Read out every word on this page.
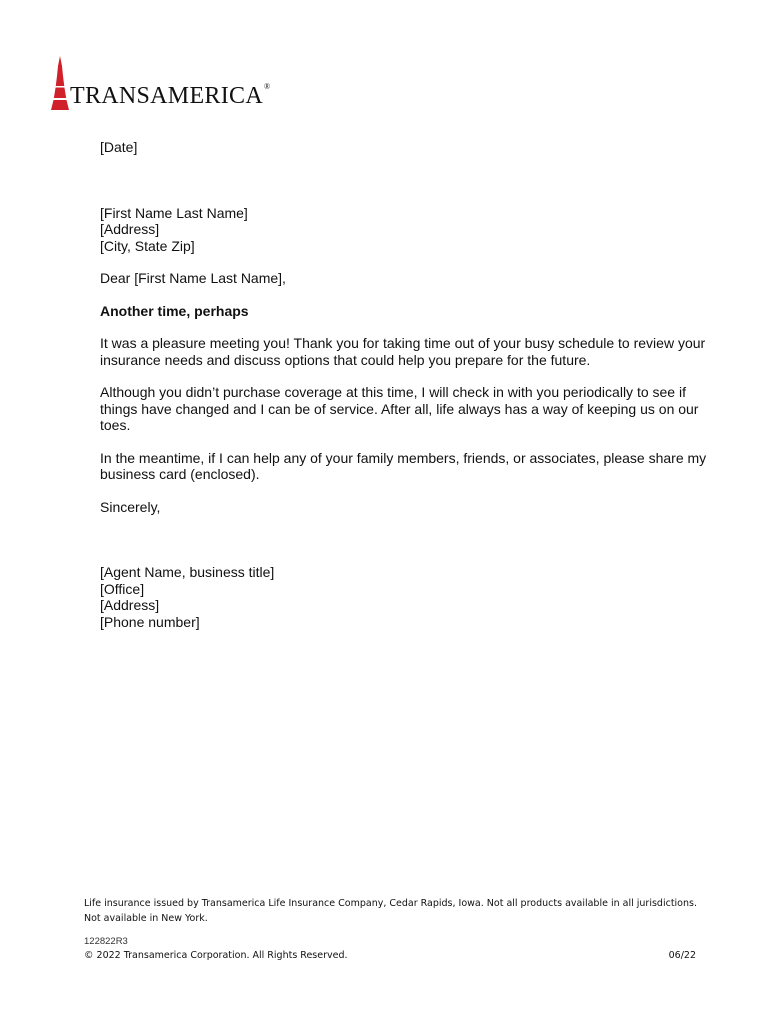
TRANSAMERICA®

[Date]

[First Name Last Name]

[Address]

[City, State Zip]

Dear [First Name Last Name],

Another time, perhaps

It was a pleasure meeting you! Thank you for taking time out of your busy schedule to review your insurance needs and discuss options that could help you prepare for the future.

Although you didn’t purchase coverage at this time, I will check in with you periodically to see if things have changed and I can be of service. After all, life always has a way of keeping us on our toes.

In the meantime, if I can help any of your family members, friends, or associates, please share my business card (enclosed).

Sincerely,

[Agent Name, business title]

[Office]

[Address]

[Phone number]

Life insurance issued by Transamerica Life Insurance Company, Cedar Rapids, Iowa. Not all products available in all jurisdictions. Not available in New York.

122822R3

© 2022 Transamerica Corporation. All Rights Reserved.	06/22
